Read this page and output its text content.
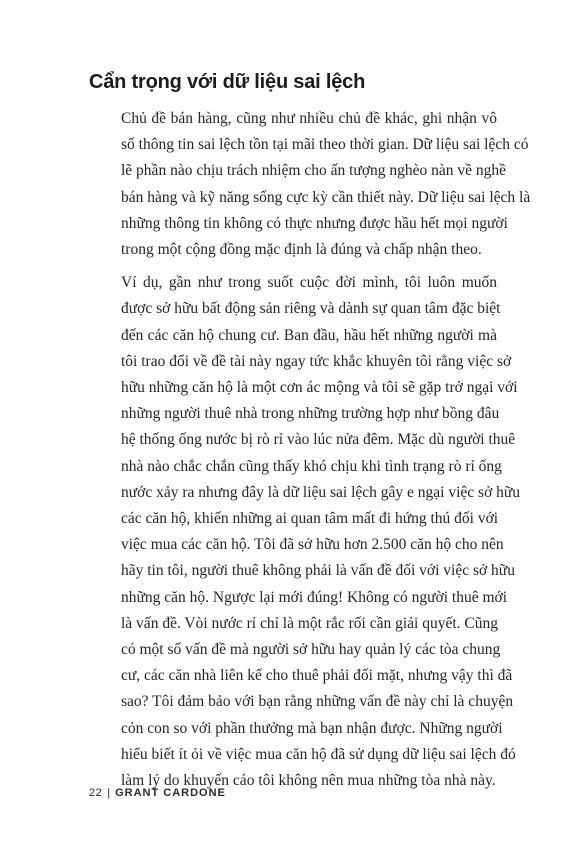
Cẩn trọng với dữ liệu sai lệch

Chủ đề bán hàng, cũng như nhiều chủ đề khác, ghi nhận vô
số thông tin sai lệch tồn tại mãi theo thời gian. Dữ liệu sai lệch có
lẽ phần nào chịu trách nhiệm cho ấn tượng nghèo nàn về nghề
bán hàng và kỹ năng sống cực kỳ cần thiết này. Dữ liệu sai lệch là
những thông tin không có thực nhưng được hầu hết mọi người
trong một cộng đồng mặc định là đúng và chấp nhận theo.

Ví dụ, gần như trong suốt cuộc đời mình, tôi luôn muốn
được sở hữu bất động sản riêng và dành sự quan tâm đặc biệt
đến các căn hộ chung cư. Ban đầu, hầu hết những người mà
tôi trao đổi về đề tài này ngay tức khắc khuyên tôi rằng việc sở
hữu những căn hộ là một cơn ác mộng và tôi sẽ gặp trở ngại với
những người thuê nhà trong những trường hợp như bồng đâu
hệ thống ống nước bị rò rỉ vào lúc nửa đêm. Mặc dù người thuê
nhà nào chắc chắn cũng thấy khó chịu khi tình trạng rò rỉ ống
nước xảy ra nhưng đây là dữ liệu sai lệch gây e ngại việc sở hữu
các căn hộ, khiến những ai quan tâm mất đi hứng thú đối với
việc mua các căn hộ. Tôi đã sở hữu hơn 2.500 căn hộ cho nên
hãy tin tôi, người thuê không phải là vấn đề đối với việc sở hữu
những căn hộ. Ngược lại mới đúng! Không có người thuê mới
là vấn đề. Vòi nước rỉ chỉ là một rắc rối cần giải quyết. Cũng
có một số vấn đề mà người sở hữu hay quản lý các tòa chung
cư, các căn nhà liên kế cho thuê phải đối mặt, nhưng vậy thì đã
sao? Tôi đảm bảo với bạn rằng những vấn đề này chỉ là chuyện
cỏn con so với phần thưởng mà bạn nhận được. Những người
hiểu biết ít ỏi về việc mua căn hộ đã sử dụng dữ liệu sai lệch đó
làm lý do khuyến cáo tôi không nên mua những tòa nhà này.

22 | GRANT CARDONE
